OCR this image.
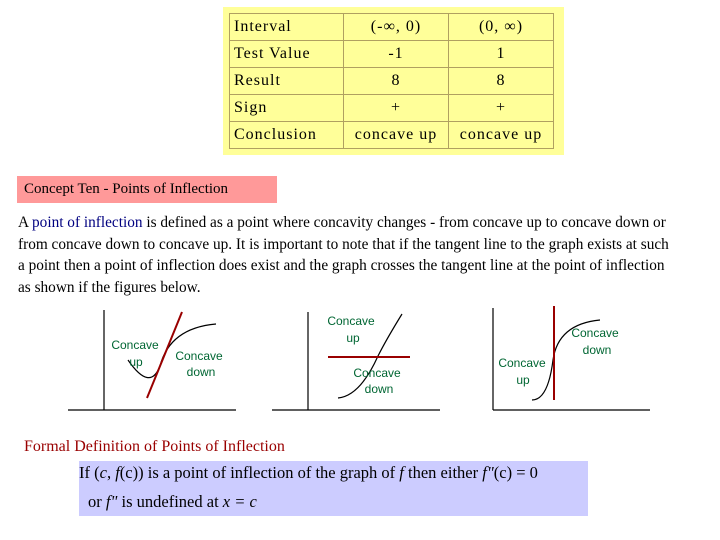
Interval	(-∞, 0)	(0, ∞)
Test Value	-1	1
Result	8	8
Sign	+	+
Conclusion	concave up	concave up
Concept Ten - Points of Inflection
A point of inflection is defined as a point where concavity changes - from concave up to concave down or from concave down to concave up. It is important to note that if the tangent line to the graph exists at such a point then a point of inflection does exist and the graph crosses the tangent line at the point of inflection as shown if the figures below.
Concave
up	Concave
down
Concave
up
Concave
down
Concave
down
Concave
up
Formal Definition of Points of Inflection
If (c, f(c)) is a point of inflection of the graph of f then either f"(c) = 0
or f" is undefined at x = c
